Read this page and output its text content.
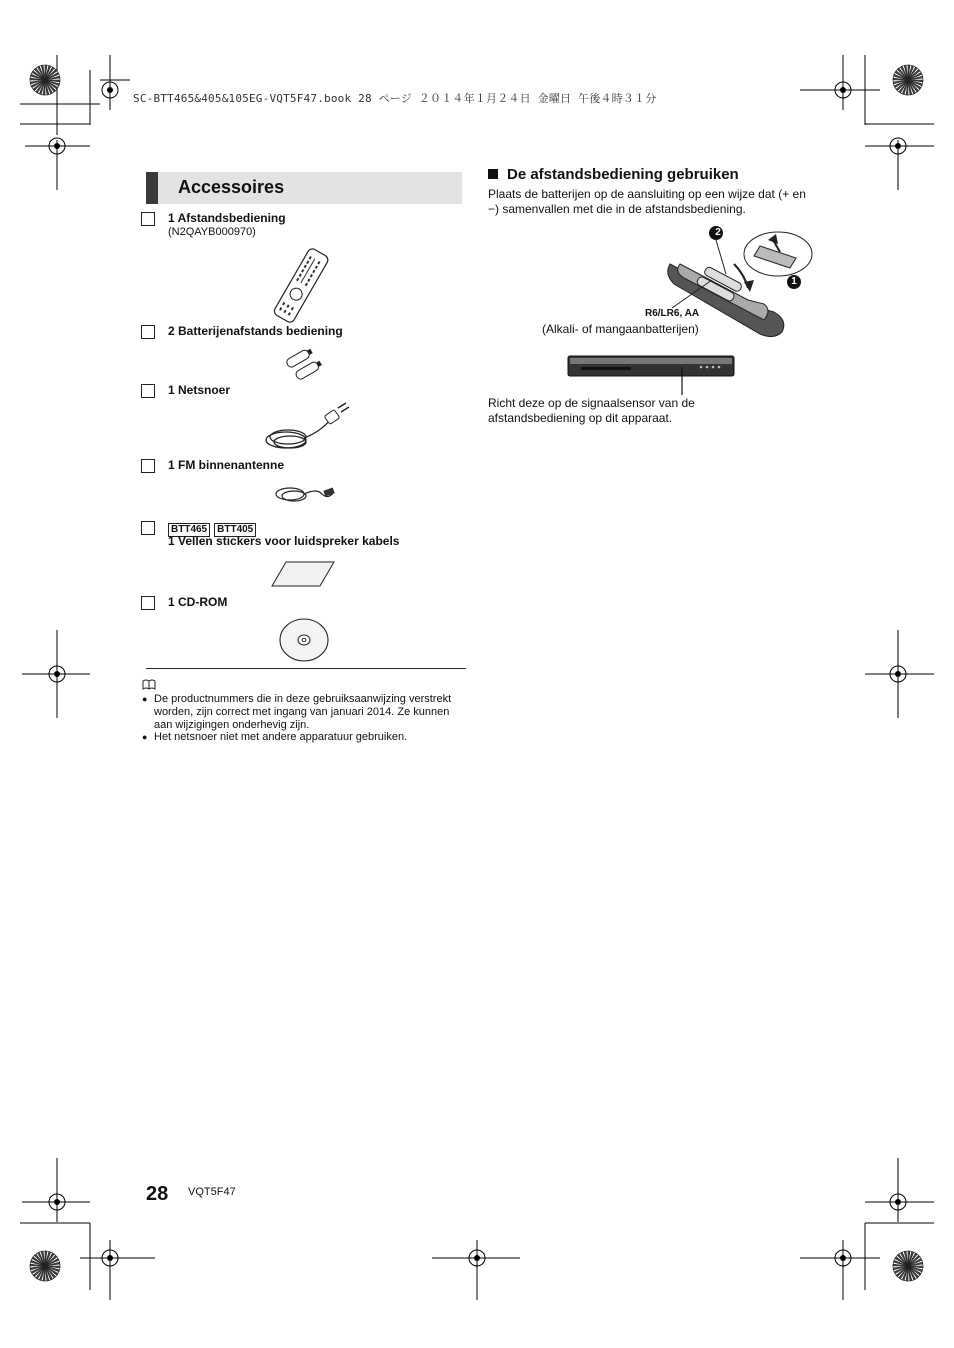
SC-BTT465&405&105EG-VQT5F47.book 28 ページ ２０１４年１月２４日 金曜日 午後４時３１分
Accessoires
1 Afstandsbediening
(N2QAYB000970)
2 Batterijenafstands bediening
1 Netsnoer
1 FM binnenantenne
BTT465 BTT405
1 Vellen stickers voor luidspreker kabels
1 CD-ROM
● De productnummers die in deze gebruiksaanwijzing verstrekt worden, zijn correct met ingang van januari 2014. Ze kunnen aan wijzigingen onderhevig zijn.
● Het netsnoer niet met andere apparatuur gebruiken.
De afstandsbediening gebruiken
Plaats de batterijen op de aansluiting op een wijze dat (+ en −) samenvallen met die in de afstandsbediening.
2
1
R6/LR6, AA
(Alkali- of mangaanbatterijen)
Richt deze op de signaalsensor van de afstandsbediening op dit apparaat.
28 VQT5F47
